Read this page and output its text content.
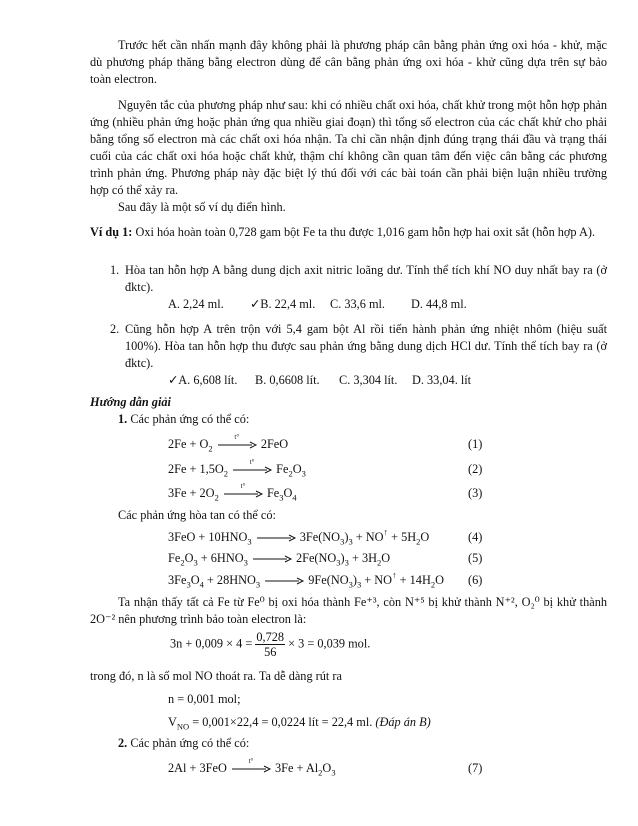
Trước hết cần nhấn mạnh đây không phải là phương pháp cân bằng phản ứng oxi hóa - khử, mặc dù phương pháp thăng bằng electron dùng để cân bằng phản ứng oxi hóa - khử cũng dựa trên sự bảo toàn electron.

Nguyên tắc của phương pháp như sau: khi có nhiều chất oxi hóa, chất khử trong một hỗn hợp phản ứng (nhiều phản ứng hoặc phản ứng qua nhiều giai đoạn) thì tổng số electron của các chất khử cho phải bằng tổng số electron mà các chất oxi hóa nhận. Ta chỉ cần nhận định đúng trạng thái đầu và trạng thái cuối của các chất oxi hóa hoặc chất khử, thậm chí không cần quan tâm đến việc cân bằng các phương trình phản ứng. Phương pháp này đặc biệt lý thú đối với các bài toán cần phải biện luận nhiều trường hợp có thể xảy ra.

Sau đây là một số ví dụ điển hình.

Ví dụ 1: Oxi hóa hoàn toàn 0,728 gam bột Fe ta thu được 1,016 gam hỗn hợp hai oxit sắt (hỗn hợp A).

1. Hòa tan hỗn hợp A bằng dung dịch axit nitric loãng dư. Tính thể tích khí NO duy nhất bay ra (ở đktc).

A. 2,24 ml. ✓B. 22,4 ml. C. 33,6 ml. D. 44,8 ml.
2. Cũng hỗn hợp A trên trộn với 5,4 gam bột Al rồi tiến hành phản ứng nhiệt nhôm (hiệu suất 100%). Hòa tan hỗn hợp thu được sau phản ứng bằng dung dịch HCl dư. Tính thể tích bay ra (ở đktc).

✓A. 6,608 lít. B. 0,6608 lít. C. 3,304 lít. D. 33,04. lít

Hướng dẫn giải

1. Các phản ứng có thể có:

$2Fe + O_2$
t°	2FeO	(1)
$2Fe + 1,5O_2$
t°	$Fe_2O_3$	(2)
$3Fe + 2O_2$
t°	$Fe_3O_4$	(3)

Các phản ứng hòa tan có thể có:

$3FeO + 10HNO_3$	$3Fe(NO_3)_3 + NO^↑ + 5H_2O$	(4)
$Fe_2O_3 + 6HNO_3$	$2Fe(NO_3)_3 + 3H_2O$	(5)
$3Fe_3O_4 + 28HNO_3$	$9Fe(NO_3)_3 + NO^↑ + 14H_2O$ (6)

Ta nhận thấy tất cả Fe từ Fe⁰ bị oxi hóa thành Fe⁺³, còn N⁺⁵ bị khử thành N⁺², O₂⁰ bị khử thành

2O⁻² nên phương trình bảo toàn electron là:

$3n + 0,009 \times 4 = \frac{0,728}{56} \times 3 = 0,039$ mol.

trong đó, n là số mol NO thoát ra. Ta dễ dàng rút ra

n = 0,001 mol;

$V_{NO} = 0,001\times 22,4 = 0,0224$ lít = 22,4 ml. (Đáp án B)

2. Các phản ứng có thể có:

2Al + 3FeO	t°	$3Fe + Al_2O_3$	(7)
